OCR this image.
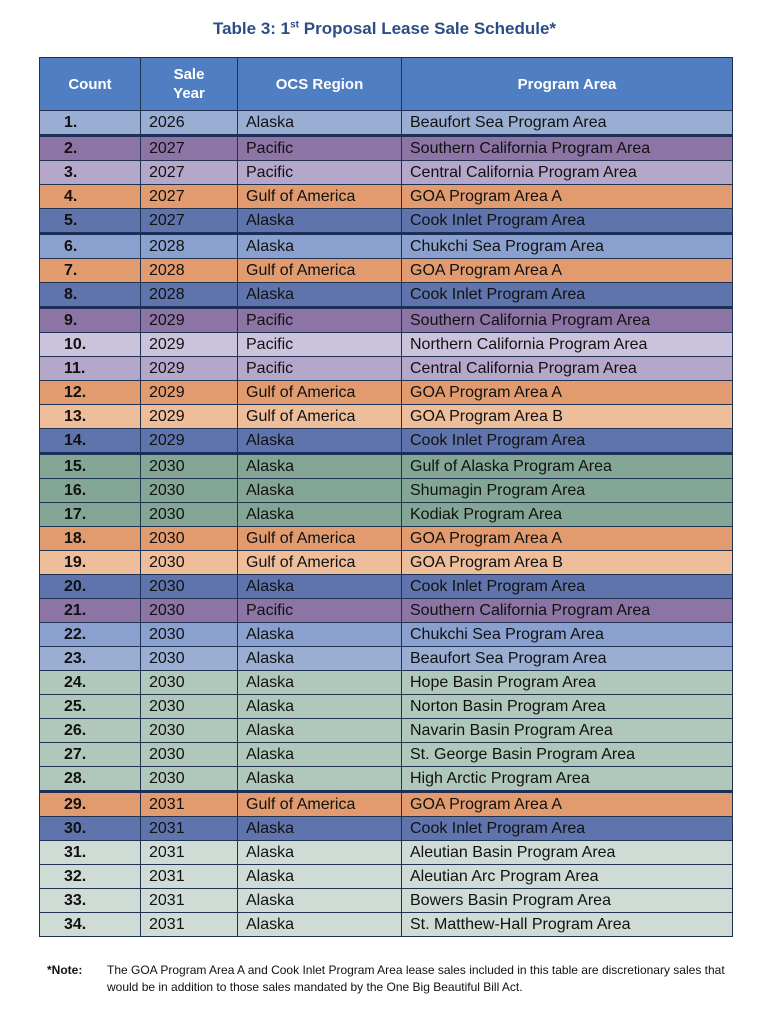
Table 3: 1st Proposal Lease Sale Schedule*
Count	Sale Year	OCS Region	Program Area
1.	2026	Alaska	Beaufort Sea Program Area
2.	2027	Pacific	Southern California Program Area
3.	2027	Pacific	Central California Program Area
4.	2027	Gulf of America	GOA Program Area A
5.	2027	Alaska	Cook Inlet Program Area
6.	2028	Alaska	Chukchi Sea Program Area
7.	2028	Gulf of America	GOA Program Area A
8.	2028	Alaska	Cook Inlet Program Area
9.	2029	Pacific	Southern California Program Area
10.	2029	Pacific	Northern California Program Area
11.	2029	Pacific	Central California Program Area
12.	2029	Gulf of America	GOA Program Area A
13.	2029	Gulf of America	GOA Program Area B
14.	2029	Alaska	Cook Inlet Program Area
15.	2030	Alaska	Gulf of Alaska Program Area
16.	2030	Alaska	Shumagin Program Area
17.	2030	Alaska	Kodiak Program Area
18.	2030	Gulf of America	GOA Program Area A
19.	2030	Gulf of America	GOA Program Area B
20.	2030	Alaska	Cook Inlet Program Area
21.	2030	Pacific	Southern California Program Area
22.	2030	Alaska	Chukchi Sea Program Area
23.	2030	Alaska	Beaufort Sea Program Area
24.	2030	Alaska	Hope Basin Program Area
25.	2030	Alaska	Norton Basin Program Area
26.	2030	Alaska	Navarin Basin Program Area
27.	2030	Alaska	St. George Basin Program Area
28.	2030	Alaska	High Arctic Program Area
29.	2031	Gulf of America	GOA Program Area A
30.	2031	Alaska	Cook Inlet Program Area
31.	2031	Alaska	Aleutian Basin Program Area
32.	2031	Alaska	Aleutian Arc Program Area
33.	2031	Alaska	Bowers Basin Program Area
34.	2031	Alaska	St. Matthew-Hall Program Area
*Note:	The GOA Program Area A and Cook Inlet Program Area lease sales included in this table are discretionary sales that would be in addition to those sales mandated by the One Big Beautiful Bill Act.
